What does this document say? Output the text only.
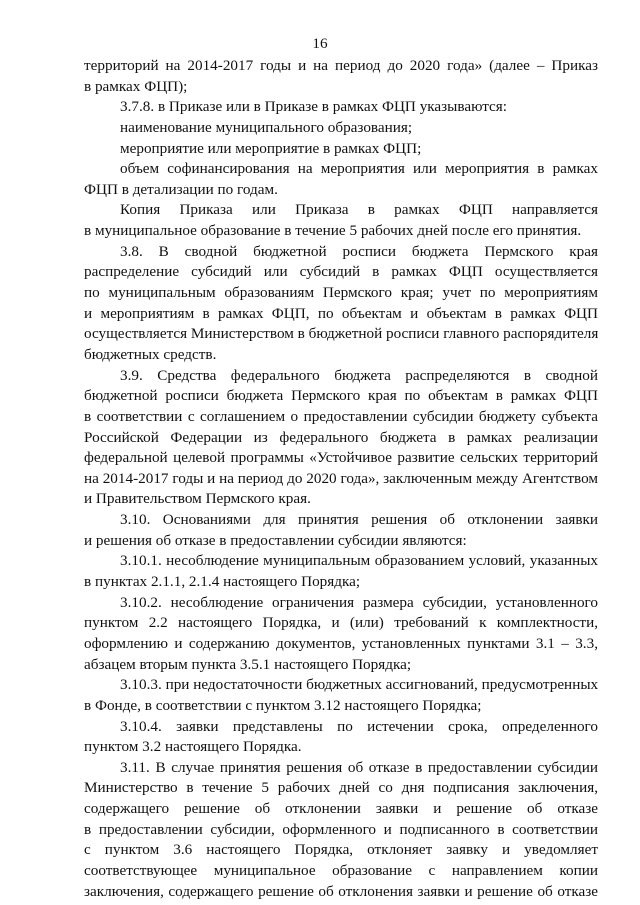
16
территорий на 2014-2017 годы и на период до 2020 года» (далее – Приказ
в рамках ФЦП);
3.7.8. в Приказе или в Приказе в рамках ФЦП указываются:
наименование муниципального образования;
мероприятие или мероприятие в рамках ФЦП;
объем софинансирования на мероприятия или мероприятия в рамках
ФЦП в детализации по годам.
Копия Приказа или Приказа в рамках ФЦП направляется
в муниципальное образование в течение 5 рабочих дней после его принятия.
3.8. В сводной бюджетной росписи бюджета Пермского края
распределение субсидий или субсидий в рамках ФЦП осуществляется
по муниципальным образованиям Пермского края; учет по мероприятиям
и мероприятиям в рамках ФЦП, по объектам и объектам в рамках ФЦП
осуществляется Министерством в бюджетной росписи главного распорядителя
бюджетных средств.
3.9. Средства федерального бюджета распределяются в сводной
бюджетной росписи бюджета Пермского края по объектам в рамках ФЦП
в соответствии с соглашением о предоставлении субсидии бюджету субъекта
Российской Федерации из федерального бюджета в рамках реализации
федеральной целевой программы «Устойчивое развитие сельских территорий
на 2014-2017 годы и на период до 2020 года», заключенным между Агентством
и Правительством Пермского края.
3.10. Основаниями для принятия решения об отклонении заявки
и решения об отказе в предоставлении субсидии являются:
3.10.1. несоблюдение муниципальным образованием условий, указанных
в пунктах 2.1.1, 2.1.4 настоящего Порядка;
3.10.2. несоблюдение ограничения размера субсидии, установленного
пунктом 2.2 настоящего Порядка, и (или) требований к комплектности,
оформлению и содержанию документов, установленных пунктами 3.1 – 3.3,
абзацем вторым пункта 3.5.1 настоящего Порядка;
3.10.3. при недостаточности бюджетных ассигнований, предусмотренных
в Фонде, в соответствии с пунктом 3.12 настоящего Порядка;
3.10.4. заявки представлены по истечении срока, определенного
пунктом 3.2 настоящего Порядка.
3.11. В случае принятия решения об отказе в предоставлении субсидии
Министерство в течение 5 рабочих дней со дня подписания заключения,
содержащего решение об отклонении заявки и решение об отказе
в предоставлении субсидии, оформленного и подписанного в соответствии
с пунктом 3.6 настоящего Порядка, отклоняет заявку и уведомляет
соответствующее муниципальное образование с направлением копии
заключения, содержащего решение об отклонения заявки и решение об отказе
